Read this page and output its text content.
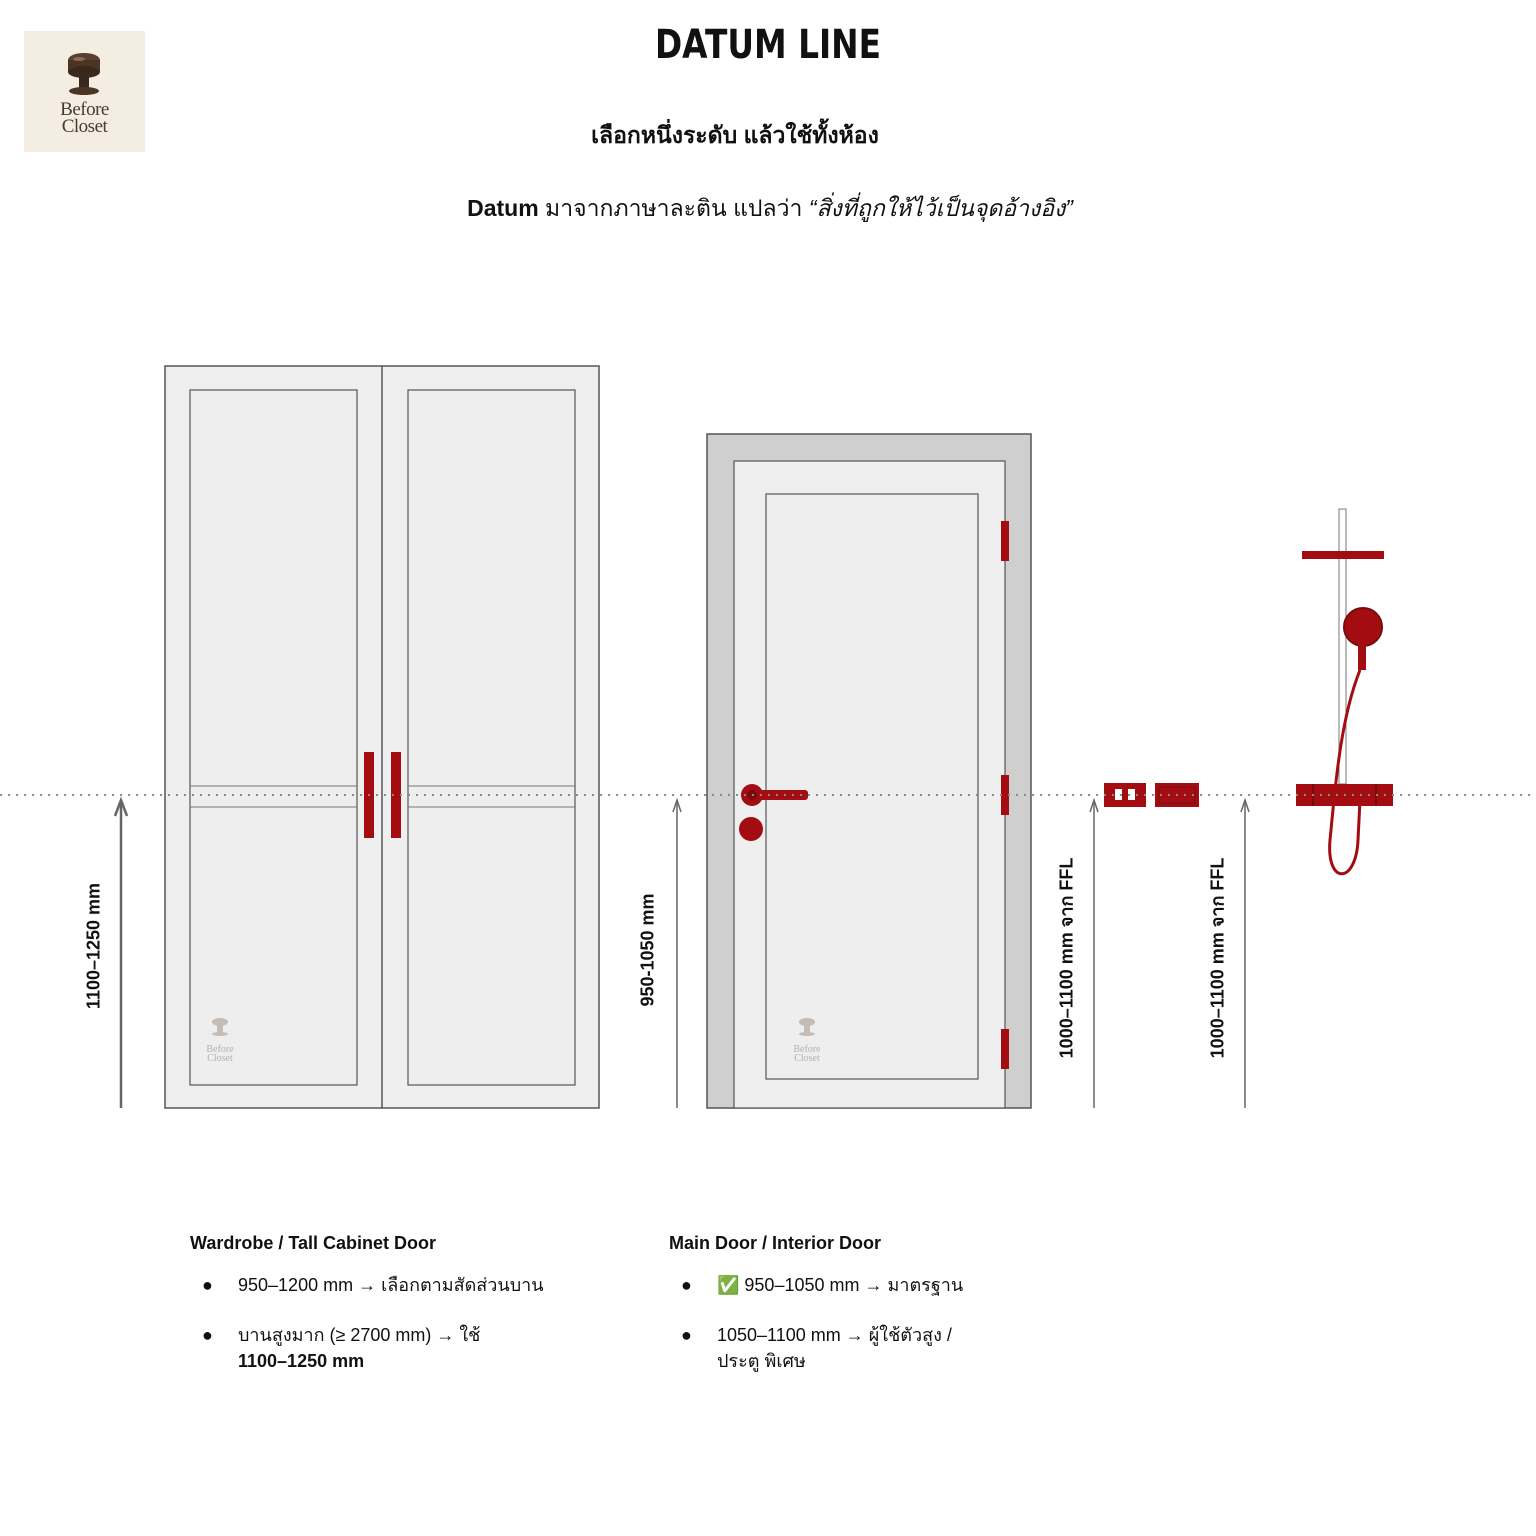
Before
Closet
DATUM LINE
เลือกหนึ่งระดับ แล้วใช้ทั้งห้อง
Datum มาจากภาษาละติน แปลว่า “สิ่งที่ถูกให้ไว้เป็นจุดอ้างอิง”
Before
Closet
Before
Closet
1100–1250 mm	950-1050 mm	1000–1100 mm จาก FFL	1000–1100 mm จาก FFL
Wardrobe / Tall Cabinet Door
● 950–1200 mm → เลือกตามสัดส่วนบาน
● บานสูงมาก (≥ 2700 mm) → ใช้
1100–1250 mm
Main Door / Interior Door
● ✅ 950–1050 mm → มาตรฐาน
● 1050–1100 mm → ผู้ใช้ตัวสูง / ประตู พิเศษ
